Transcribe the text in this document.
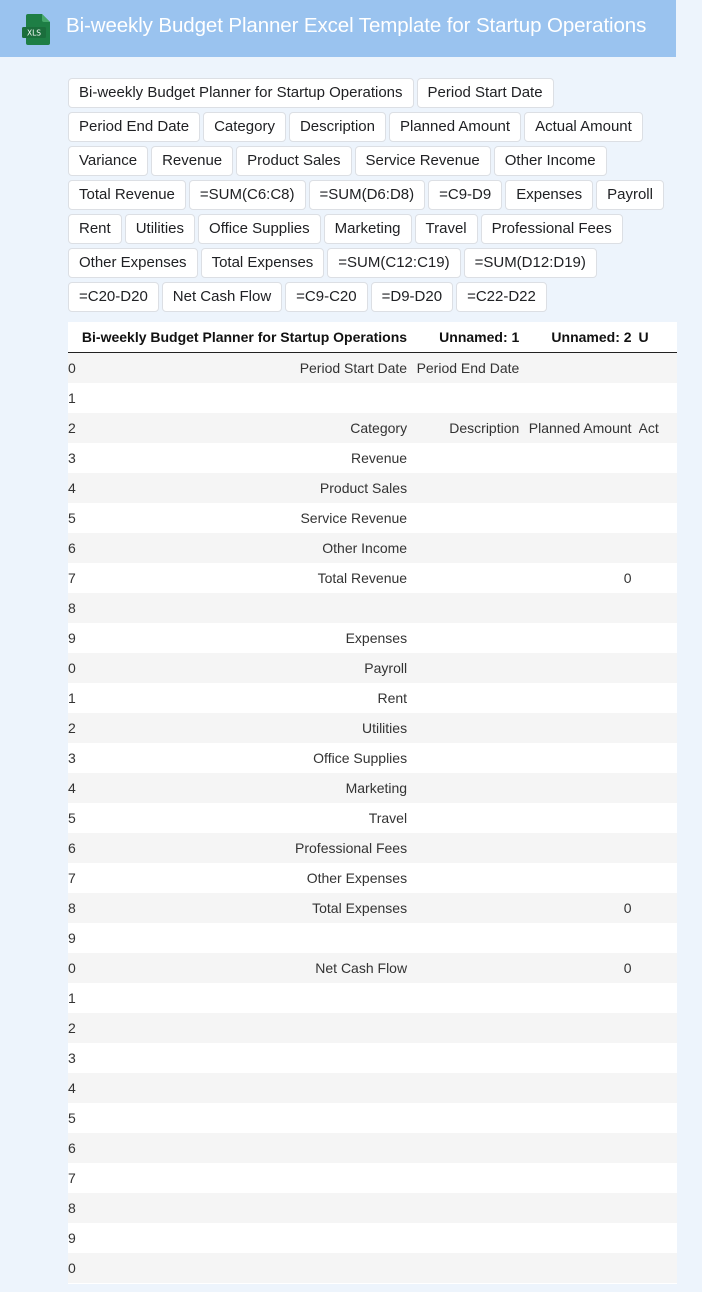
XLS Bi-weekly Budget Planner Excel Template for Startup Operations
Bi-weekly Budget Planner for Startup Operations	Period Start Date
Period End Date	Category	Description	Planned Amount	Actual Amount
Variance	Revenue	Product Sales	Service Revenue	Other Income
Total Revenue	=SUM(C6:C8)	=SUM(D6:D8)	=C9-D9	Expenses	Payroll
Rent	Utilities	Office Supplies	Marketing	Travel	Professional Fees
Other Expenses	Total Expenses	=SUM(C12:C19)	=SUM(D12:D19)
=C20-D20	Net Cash Flow	=C9-C20	=D9-D20	=C22-D22
	Bi-weekly Budget Planner for Startup Operations	Unnamed: 1	Unnamed: 2	U
0	Period Start Date	Period End Date		
1				
2	Category	Description	Planned Amount	Act
3	Revenue			
4	Product Sales			
5	Service Revenue			
6	Other Income			
7	Total Revenue		0	
8				
9	Expenses			
0	Payroll			
1	Rent			
2	Utilities			
3	Office Supplies			
4	Marketing			
5	Travel			
6	Professional Fees			
7	Other Expenses			
8	Total Expenses		0	
9				
0	Net Cash Flow		0	
1				
2				
3				
4				
5				
6				
7				
8				
9				
0				
